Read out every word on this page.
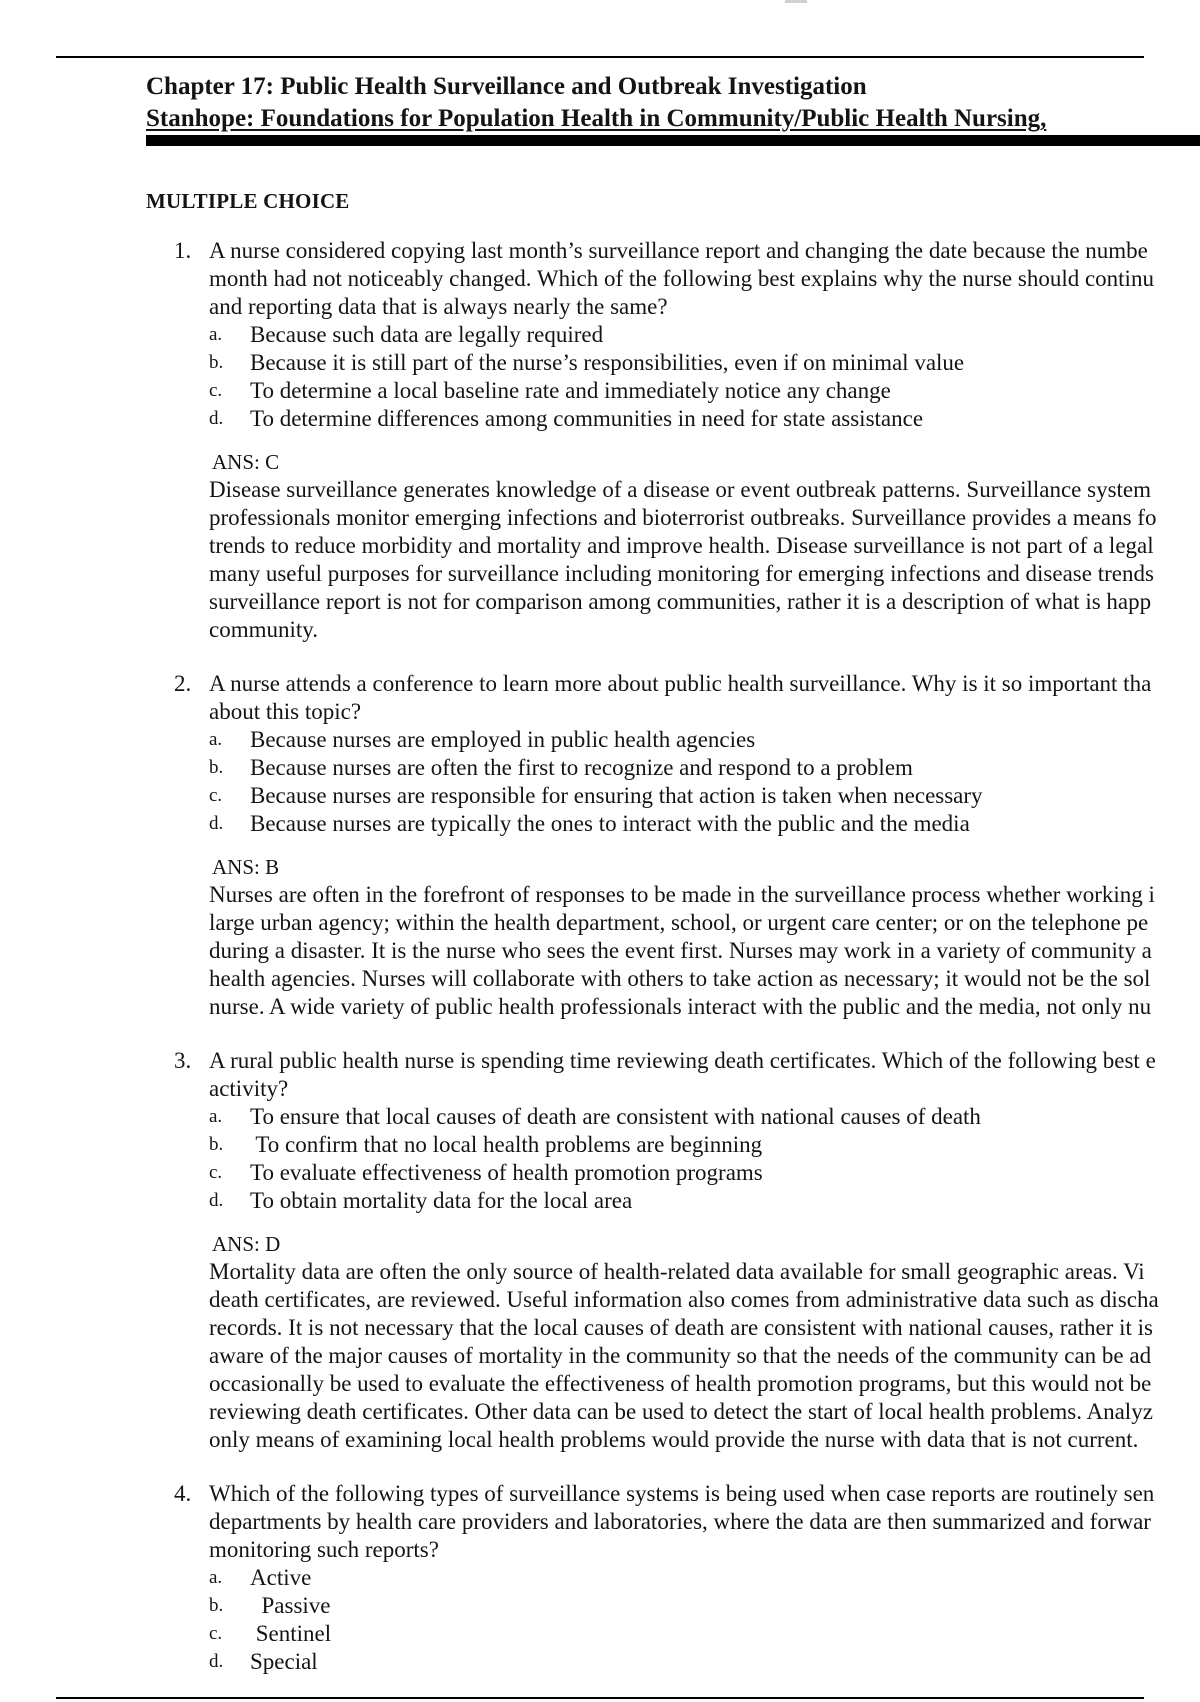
Chapter 17: Public Health Surveillance and Outbreak Investigation

Stanhope: Foundations for Population Health in Community/Public Health Nursing,

MULTIPLE CHOICE

1. A nurse considered copying last month’s surveillance report and changing the date because the numbe
month had not noticeably changed. Which of the following best explains why the nurse should continu
and reporting data that is always nearly the same?
a. Because such data are legally required
b. Because it is still part of the nurse’s responsibilities, even if on minimal value
c. To determine a local baseline rate and immediately notice any change
d. To determine differences among communities in need for state assistance
ANS: C
Disease surveillance generates knowledge of a disease or event outbreak patterns. Surveillance system
professionals monitor emerging infections and bioterrorist outbreaks. Surveillance provides a means fo
trends to reduce morbidity and mortality and improve health. Disease surveillance is not part of a legal
many useful purposes for surveillance including monitoring for emerging infections and disease trends
surveillance report is not for comparison among communities, rather it is a description of what is happ
community.
2. A nurse attends a conference to learn more about public health surveillance. Why is it so important tha
about this topic?
a. Because nurses are employed in public health agencies
b. Because nurses are often the first to recognize and respond to a problem
c. Because nurses are responsible for ensuring that action is taken when necessary
d. Because nurses are typically the ones to interact with the public and the media
ANS: B
Nurses are often in the forefront of responses to be made in the surveillance process whether working i
large urban agency; within the health department, school, or urgent care center; or on the telephone pe
during a disaster. It is the nurse who sees the event first. Nurses may work in a variety of community a
health agencies. Nurses will collaborate with others to take action as necessary; it would not be the sol
nurse. A wide variety of public health professionals interact with the public and the media, not only nu
3. A rural public health nurse is spending time reviewing death certificates. Which of the following best e
activity?
a. To ensure that local causes of death are consistent with national causes of death
b. To confirm that no local health problems are beginning
c. To evaluate effectiveness of health promotion programs
d. To obtain mortality data for the local area
ANS: D
Mortality data are often the only source of health-related data available for small geographic areas. Vi
death certificates, are reviewed. Useful information also comes from administrative data such as discha
records. It is not necessary that the local causes of death are consistent with national causes, rather it is
aware of the major causes of mortality in the community so that the needs of the community can be ad
occasionally be used to evaluate the effectiveness of health promotion programs, but this would not be
reviewing death certificates. Other data can be used to detect the start of local health problems. Analyz
only means of examining local health problems would provide the nurse with data that is not current.
4. Which of the following types of surveillance systems is being used when case reports are routinely sen
departments by health care providers and laboratories, where the data are then summarized and forwar
monitoring such reports?
a. Active
b. Passive
c. Sentinel
d. Special
